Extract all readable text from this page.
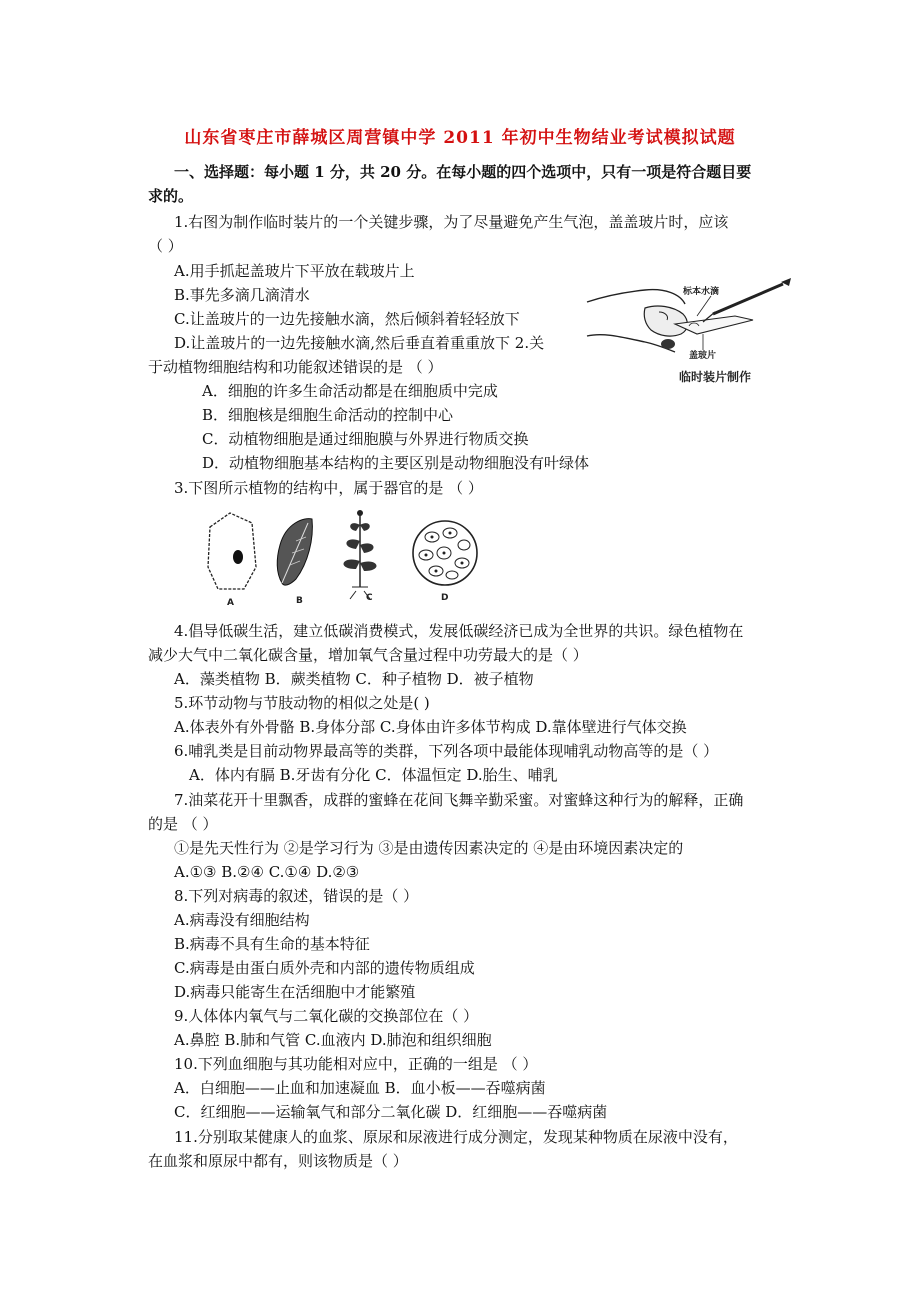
山东省枣庄市薛城区周营镇中学 2011 年初中生物结业考试模拟试题
一、选择题：每小题 1 分，共 20 分。在每小题的四个选项中，只有一项是符合题目要
求的。
1.右图为制作临时装片的一个关键步骤，为了尽量避免产生气泡，盖盖玻片时，应该
（ ）
A.用手抓起盖玻片下平放在载玻片上
B.事先多滴几滴清水
C.让盖玻片的一边先接触水滴，然后倾斜着轻轻放下
D.让盖玻片的一边先接触水滴,然后垂直着重重放下 2.关
标本水滴
盖玻片
临时装片制作
于动植物细胞结构和功能叙述错误的是 （ ）
A．细胞的许多生命活动都是在细胞质中完成
B．细胞核是细胞生命活动的控制中心
C．动植物细胞是通过细胞膜与外界进行物质交换
D．动植物细胞基本结构的主要区别是动物细胞没有叶绿体
3.下图所示植物的结构中，属于器官的是 （ ）
A	B	C	D
4.倡导低碳生活，建立低碳消费模式，发展低碳经济已成为全世界的共识。绿色植物在
减少大气中二氧化碳含量，增加氧气含量过程中功劳最大的是（ ）
A．藻类植物 B．蕨类植物 C．种子植物 D．被子植物
5.环节动物与节肢动物的相似之处是( )
A.体表外有外骨骼 B.身体分部 C.身体由许多体节构成 D.靠体壁进行气体交换
6.哺乳类是目前动物界最高等的类群，下列各项中最能体现哺乳动物高等的是（ ）
A．体内有膈 B.牙齿有分化 C．体温恒定 D.胎生、哺乳
7.油菜花开十里飘香，成群的蜜蜂在花间飞舞辛勤采蜜。对蜜蜂这种行为的解释，正确
的是 （ ）
①是先天性行为 ②是学习行为 ③是由遗传因素决定的 ④是由环境因素决定的
A.①③ B.②④ C.①④ D.②③
8.下列对病毒的叙述，错误的是（ ）
A.病毒没有细胞结构
B.病毒不具有生命的基本特征
C.病毒是由蛋白质外壳和内部的遗传物质组成
D.病毒只能寄生在活细胞中才能繁殖
9.人体体内氧气与二氧化碳的交换部位在（ ）
A.鼻腔 B.肺和气管 C.血液内 D.肺泡和组织细胞
10.下列血细胞与其功能相对应中，正确的一组是 （ ）
A．白细胞——止血和加速凝血 B．血小板——吞噬病菌
C．红细胞——运输氧气和部分二氧化碳 D．红细胞——吞噬病菌
11.分别取某健康人的血浆、原尿和尿液进行成分测定，发现某种物质在尿液中没有，
在血浆和原尿中都有，则该物质是（ ）
